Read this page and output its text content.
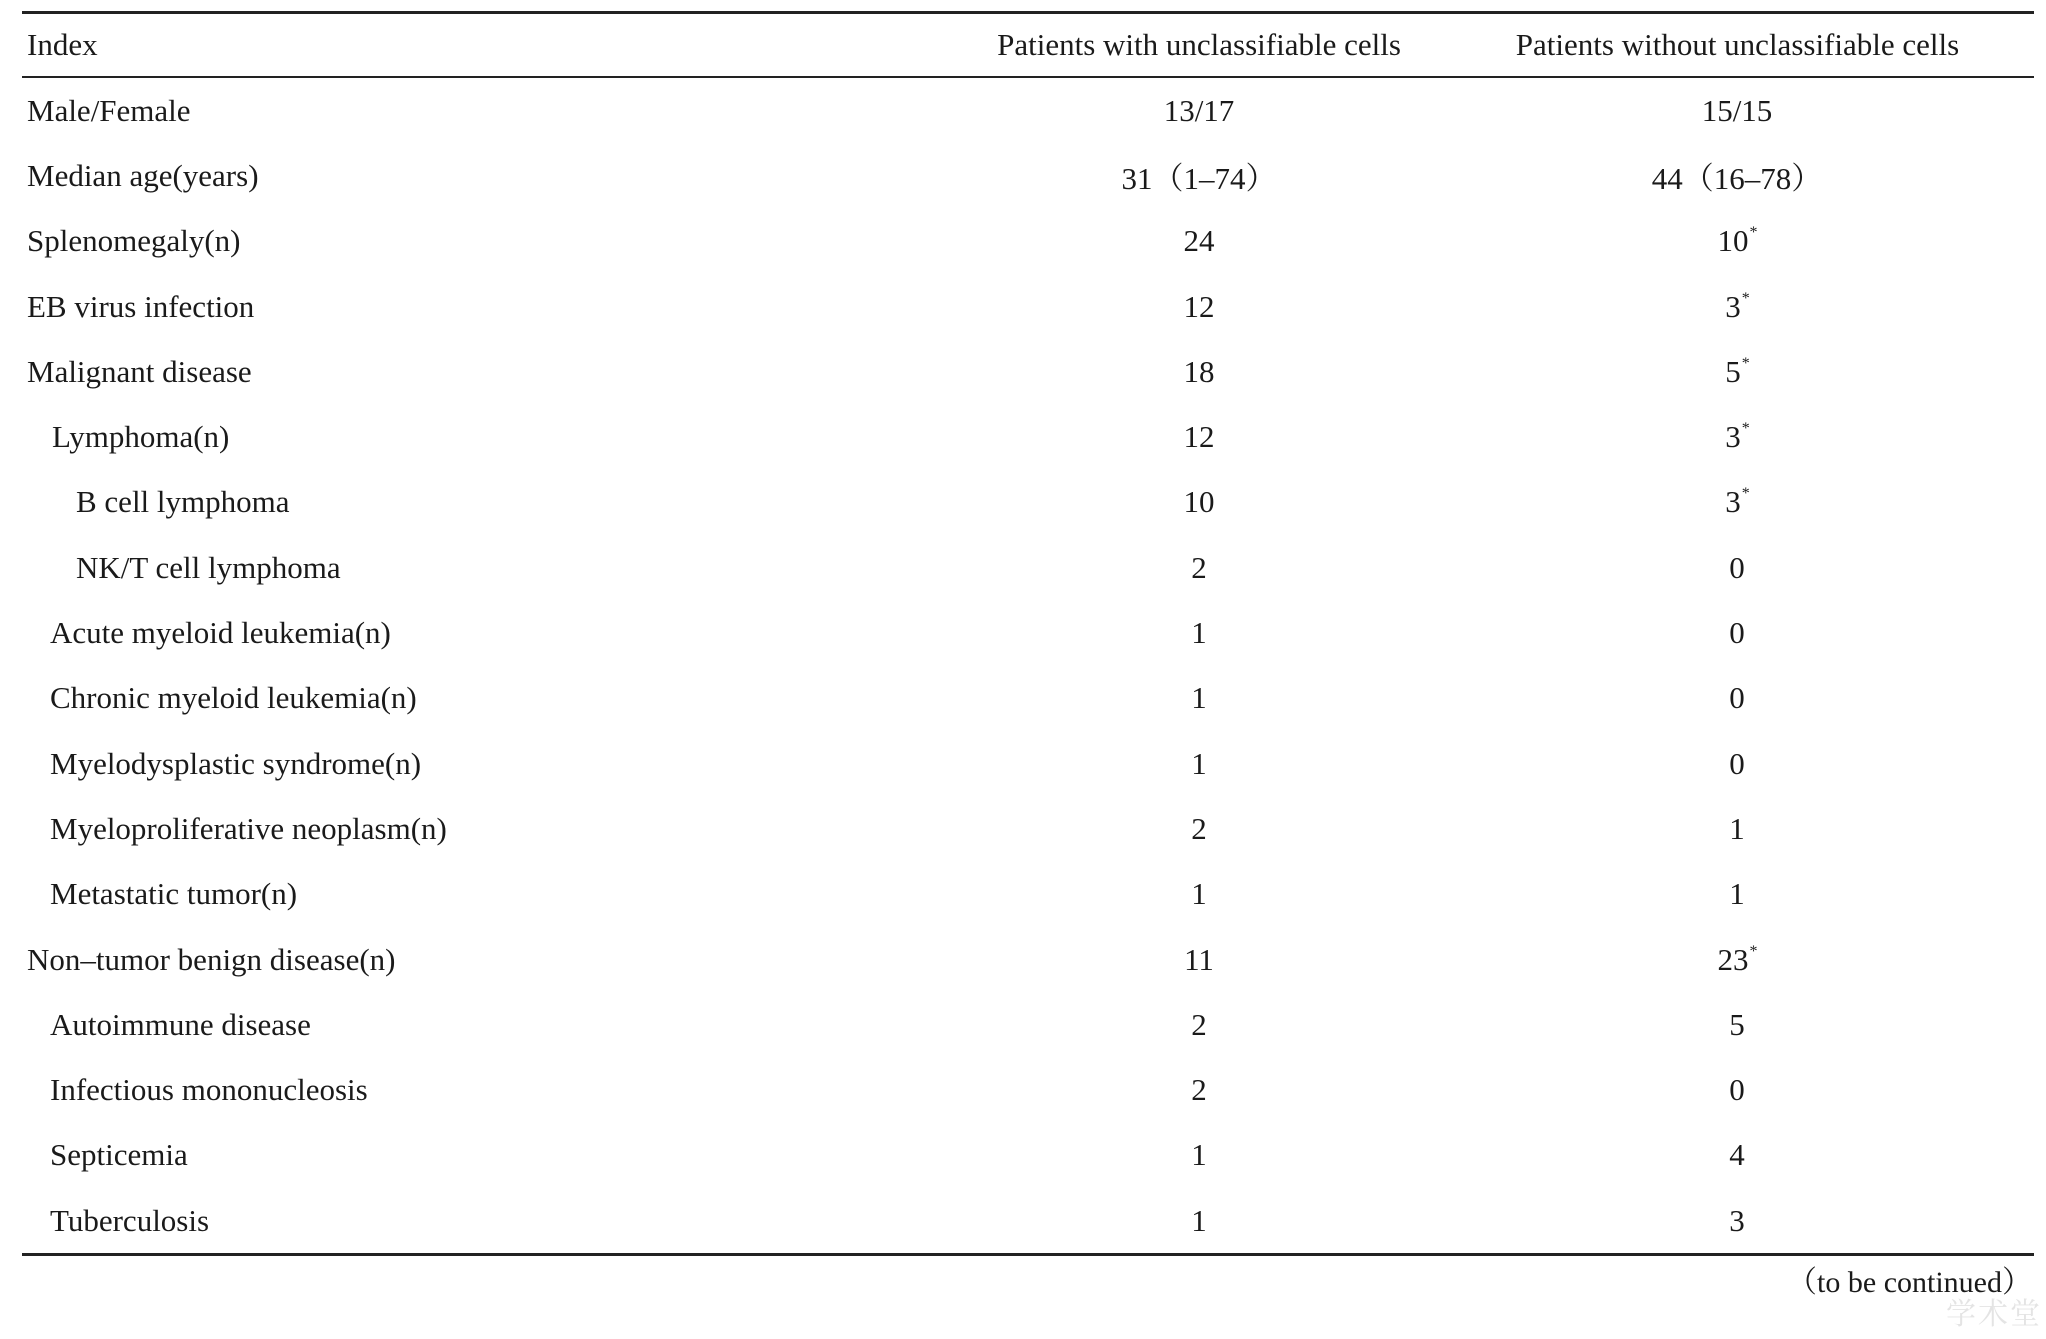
Index	Patients with unclassifiable cells	Patients without unclassifiable cells
Male/Female	13/17	15/15
Median age(years)	31（1–74）	44（16–78）
Splenomegaly(n)	24	10*
EB virus infection	12	3*
Malignant disease	18	5*
Lymphoma(n)	12	3*
B cell lymphoma	10	3*
NK/T cell lymphoma	2	0
Acute myeloid leukemia(n)	1	0
Chronic myeloid leukemia(n)	1	0
Myelodysplastic syndrome(n)	1	0
Myeloproliferative neoplasm(n)	2	1
Metastatic tumor(n)	1	1
Non–tumor benign disease(n)	11	23*
Autoimmune disease	2	5
Infectious mononucleosis	2	0
Septicemia	1	4
Tuberculosis	1	3
（to be continued）
学术堂
